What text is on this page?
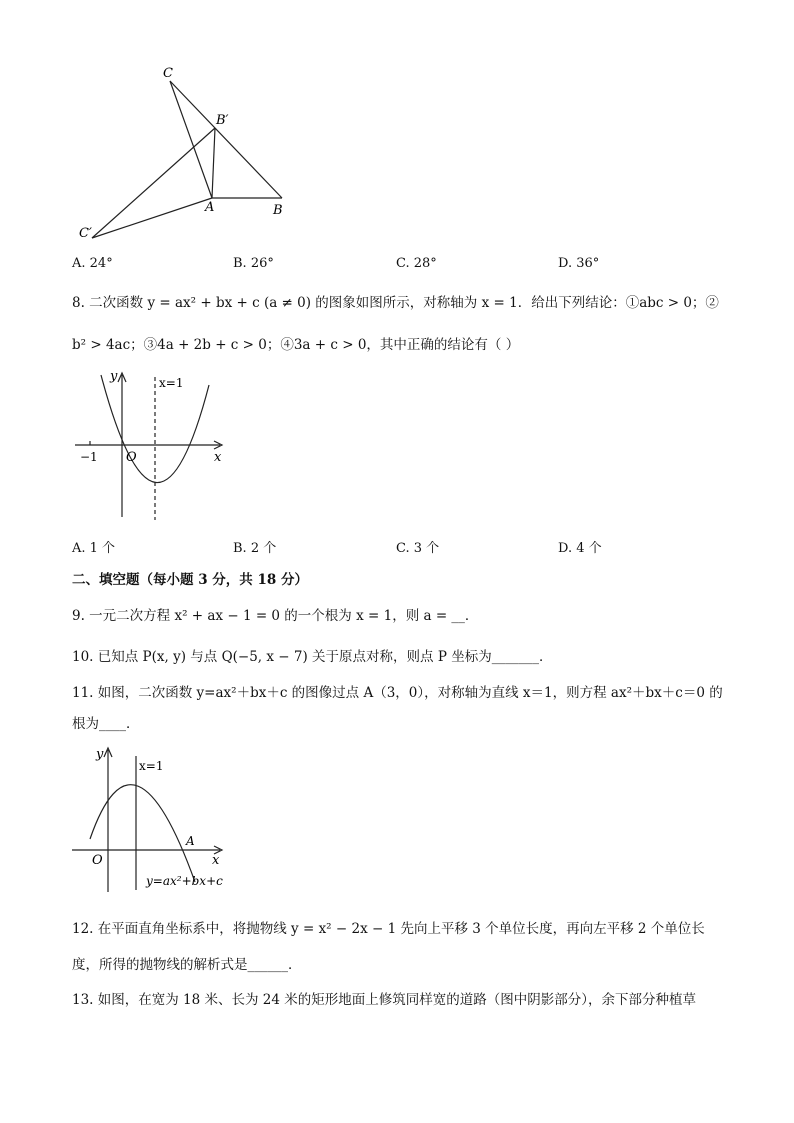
C
B′
A	B
C′
A. 24°	B. 26°	C. 28°	D. 36°
8. 二次函数 y = ax² + bx + c (a ≠ 0) 的图象如图所示，对称轴为 x = 1．给出下列结论：①abc > 0；②
b² > 4ac；③4a + 2b + c > 0；④3a + c > 0，其中正确的结论有（ ）
y	x=1
−1 O	x
A. 1 个	B. 2 个	C. 3 个	D. 4 个
二、填空题（每小题 3 分，共 18 分）
9. 一元二次方程 x² + ax − 1 = 0 的一个根为 x = 1，则 a = __．
10. 已知点 P(x, y) 与点 Q(−5, x − 7) 关于原点对称，则点 P 坐标为_______．
11. 如图，二次函数 y=ax²＋bx＋c 的图像过点 A（3，0），对称轴为直线 x＝1，则方程 ax²＋bx＋c＝0 的
根为____．
y
x=1
A
O	x
y=ax²+bx+c
12. 在平面直角坐标系中，将抛物线 y = x² − 2x − 1 先向上平移 3 个单位长度，再向左平移 2 个单位长
度，所得的抛物线的解析式是______．
13. 如图，在宽为 18 米、长为 24 米的矩形地面上修筑同样宽的道路（图中阴影部分），余下部分种植草
